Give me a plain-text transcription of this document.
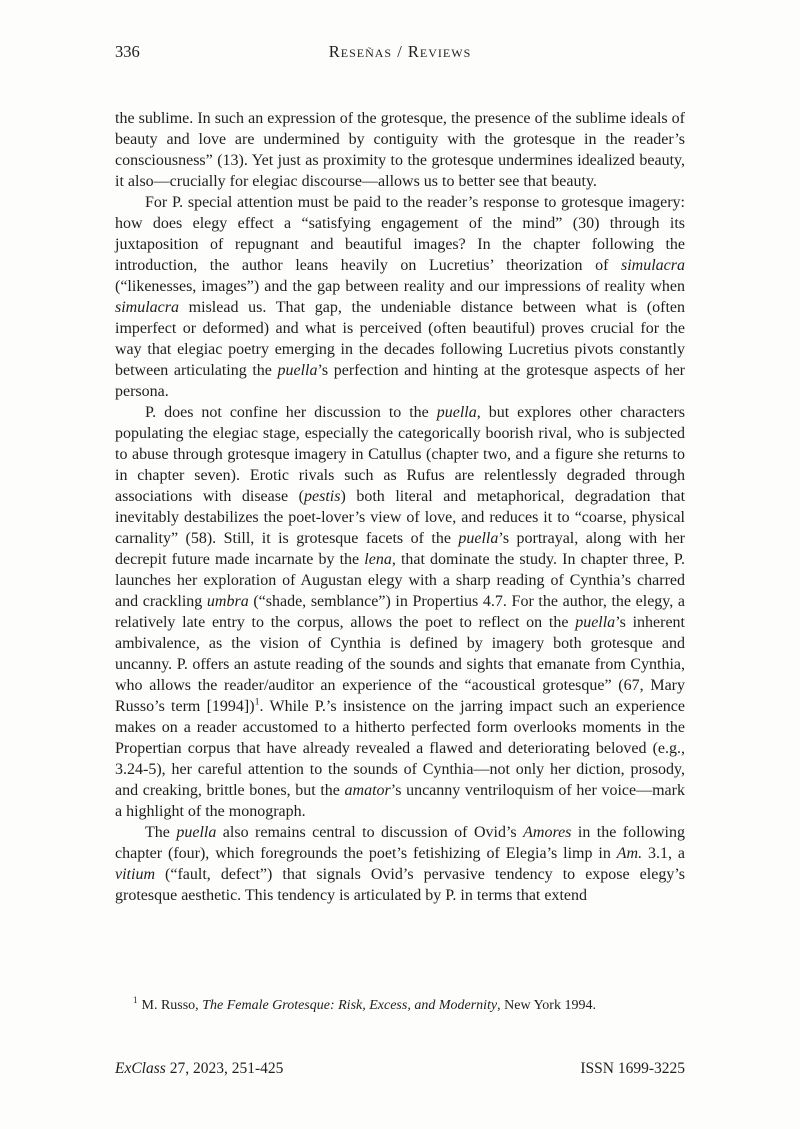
336	Reseñas / Reviews

the sublime. In such an expression of the grotesque, the presence of the sublime ideals of beauty and love are undermined by contiguity with the grotesque in the reader’s consciousness” (13). Yet just as proximity to the grotesque undermines idealized beauty, it also—crucially for elegiac discourse—allows us to better see that beauty.

For P. special attention must be paid to the reader’s response to grotesque imagery: how does elegy effect a “satisfying engagement of the mind” (30) through its juxtaposition of repugnant and beautiful images? In the chapter following the introduction, the author leans heavily on Lucretius’ theorization of simulacra (“likenesses, images”) and the gap between reality and our impressions of reality when simulacra mislead us. That gap, the undeniable distance between what is (often imperfect or deformed) and what is perceived (often beautiful) proves crucial for the way that elegiac poetry emerging in the decades following Lucretius pivots constantly between articulating the puella’s perfection and hinting at the grotesque aspects of her persona.

P. does not confine her discussion to the puella, but explores other characters populating the elegiac stage, especially the categorically boorish rival, who is subjected to abuse through grotesque imagery in Catullus (chapter two, and a figure she returns to in chapter seven). Erotic rivals such as Rufus are relentlessly degraded through associations with disease (pestis) both literal and metaphorical, degradation that inevitably destabilizes the poet-lover’s view of love, and reduces it to “coarse, physical carnality” (58). Still, it is grotesque facets of the puella’s portrayal, along with her decrepit future made incarnate by the lena, that dominate the study. In chapter three, P. launches her exploration of Augustan elegy with a sharp reading of Cynthia’s charred and crackling umbra (“shade, semblance”) in Propertius 4.7. For the author, the elegy, a relatively late entry to the corpus, allows the poet to reflect on the puella’s inherent ambivalence, as the vision of Cynthia is defined by imagery both grotesque and uncanny. P. offers an astute reading of the sounds and sights that emanate from Cynthia, who allows the reader/auditor an experience of the “acoustical grotesque” (67, Mary Russo’s term [1994])$^1$. While P.’s insistence on the jarring impact such an experience makes on a reader accustomed to a hitherto perfected form overlooks moments in the Propertian corpus that have already revealed a flawed and deteriorating beloved (e.g., 3.24-5), her careful attention to the sounds of Cynthia—not only her diction, prosody, and creaking, brittle bones, but the amator’s uncanny ventriloquism of her voice—mark a highlight of the monograph.

The puella also remains central to discussion of Ovid’s Amores in the following chapter (four), which foregrounds the poet’s fetishizing of Elegia’s limp in Am. 3.1, a vitium (“fault, defect”) that signals Ovid’s pervasive tendency to expose elegy’s grotesque aesthetic. This tendency is articulated by P. in terms that extend

$^1$ M. Russo, The Female Grotesque: Risk, Excess, and Modernity, New York 1994.
ExClass 27, 2023, 251-425	ISSN 1699-3225
